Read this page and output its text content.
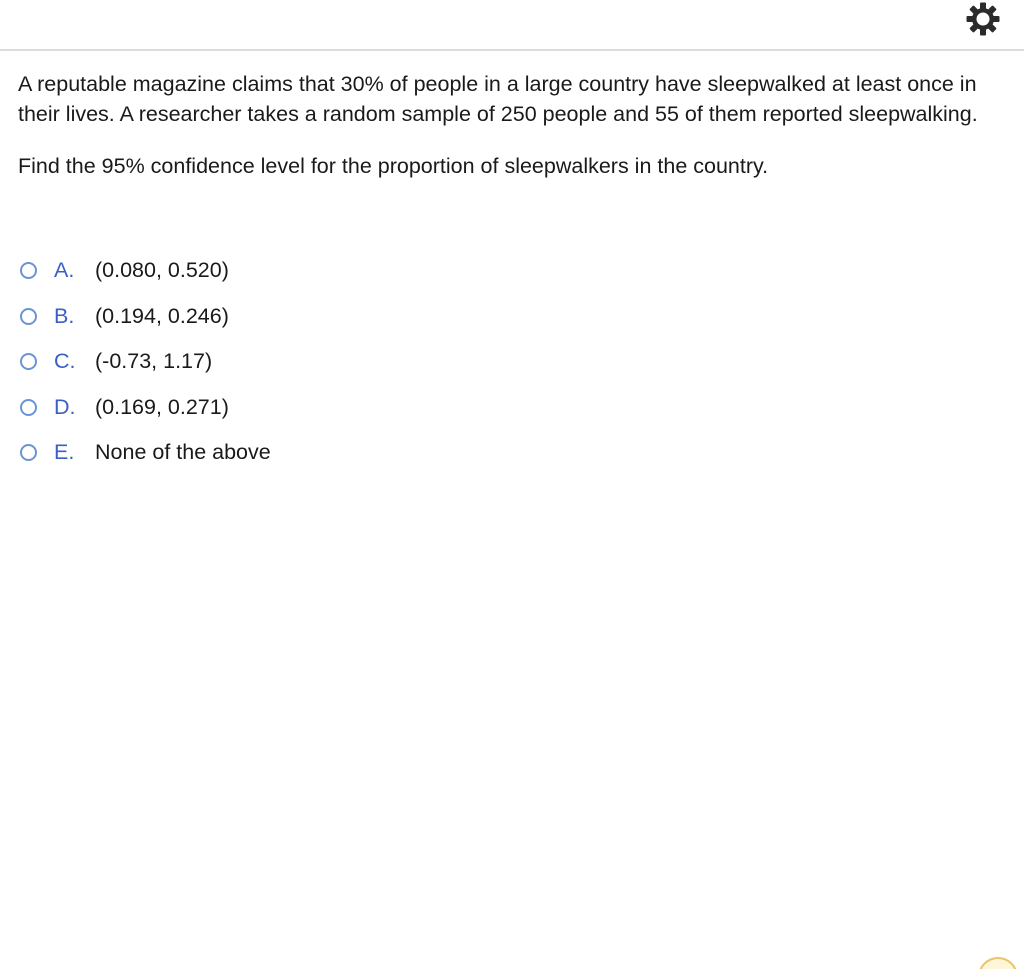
A reputable magazine claims that 30% of people in a large country have sleepwalked at least once in their lives. A researcher takes a random sample of 250 people and 55 of them reported sleepwalking.

Find the 95% confidence level for the proportion of sleepwalkers in the country.

A. (0.080, 0.520)
B. (0.194, 0.246)
C. (-0.73, 1.17)
D. (0.169, 0.271)
E. None of the above
